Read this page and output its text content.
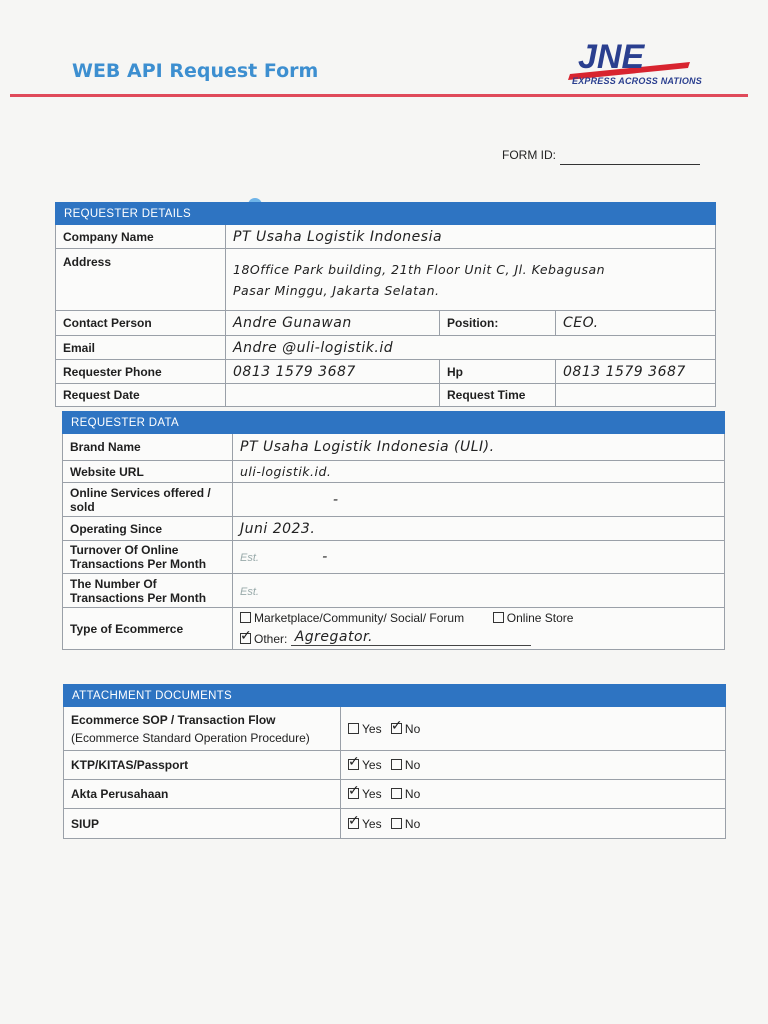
WEB API Request Form	JNE
EXPRESS ACROSS NATIONS
FORM ID:
REQUESTER DETAILS			
Company Name	PT Usaha Logistik Indonesia		
Address	18Office Park building, 21th Floor Unit C, Jl. Kebagusan
Pasar Minggu, Jakarta Selatan.		

Contact Person	Andre Gunawan	Position:	CEO.
Email	Andre @uli-logistik.id		
Requester Phone	0813 1579 3687	Hp	0813 1579 3687
Request Date		Request Time	
REQUESTER DATA	
Brand Name	PT Usaha Logistik Indonesia (ULI).
Website URL	uli-logistik.id.

Online Services offered /
sold	-
Operating Since	Juni 2023.

Turnover Of Online
Transactions Per Month	Est. -

The Number Of
Transactions Per Month	Est.
Type of Ecommerce	Marketplace/Community/ Social/ Forum Online Store
✓Other: Agregator.
ATTACHMENT DOCUMENTS	

Ecommerce SOP / Transaction Flow
(Ecommerce Standard Operation Procedure)	Yes ✓ No
KTP/KITAS/Passport	✓Yes No
Akta Perusahaan	✓Yes No
SIUP	✓Yes No
